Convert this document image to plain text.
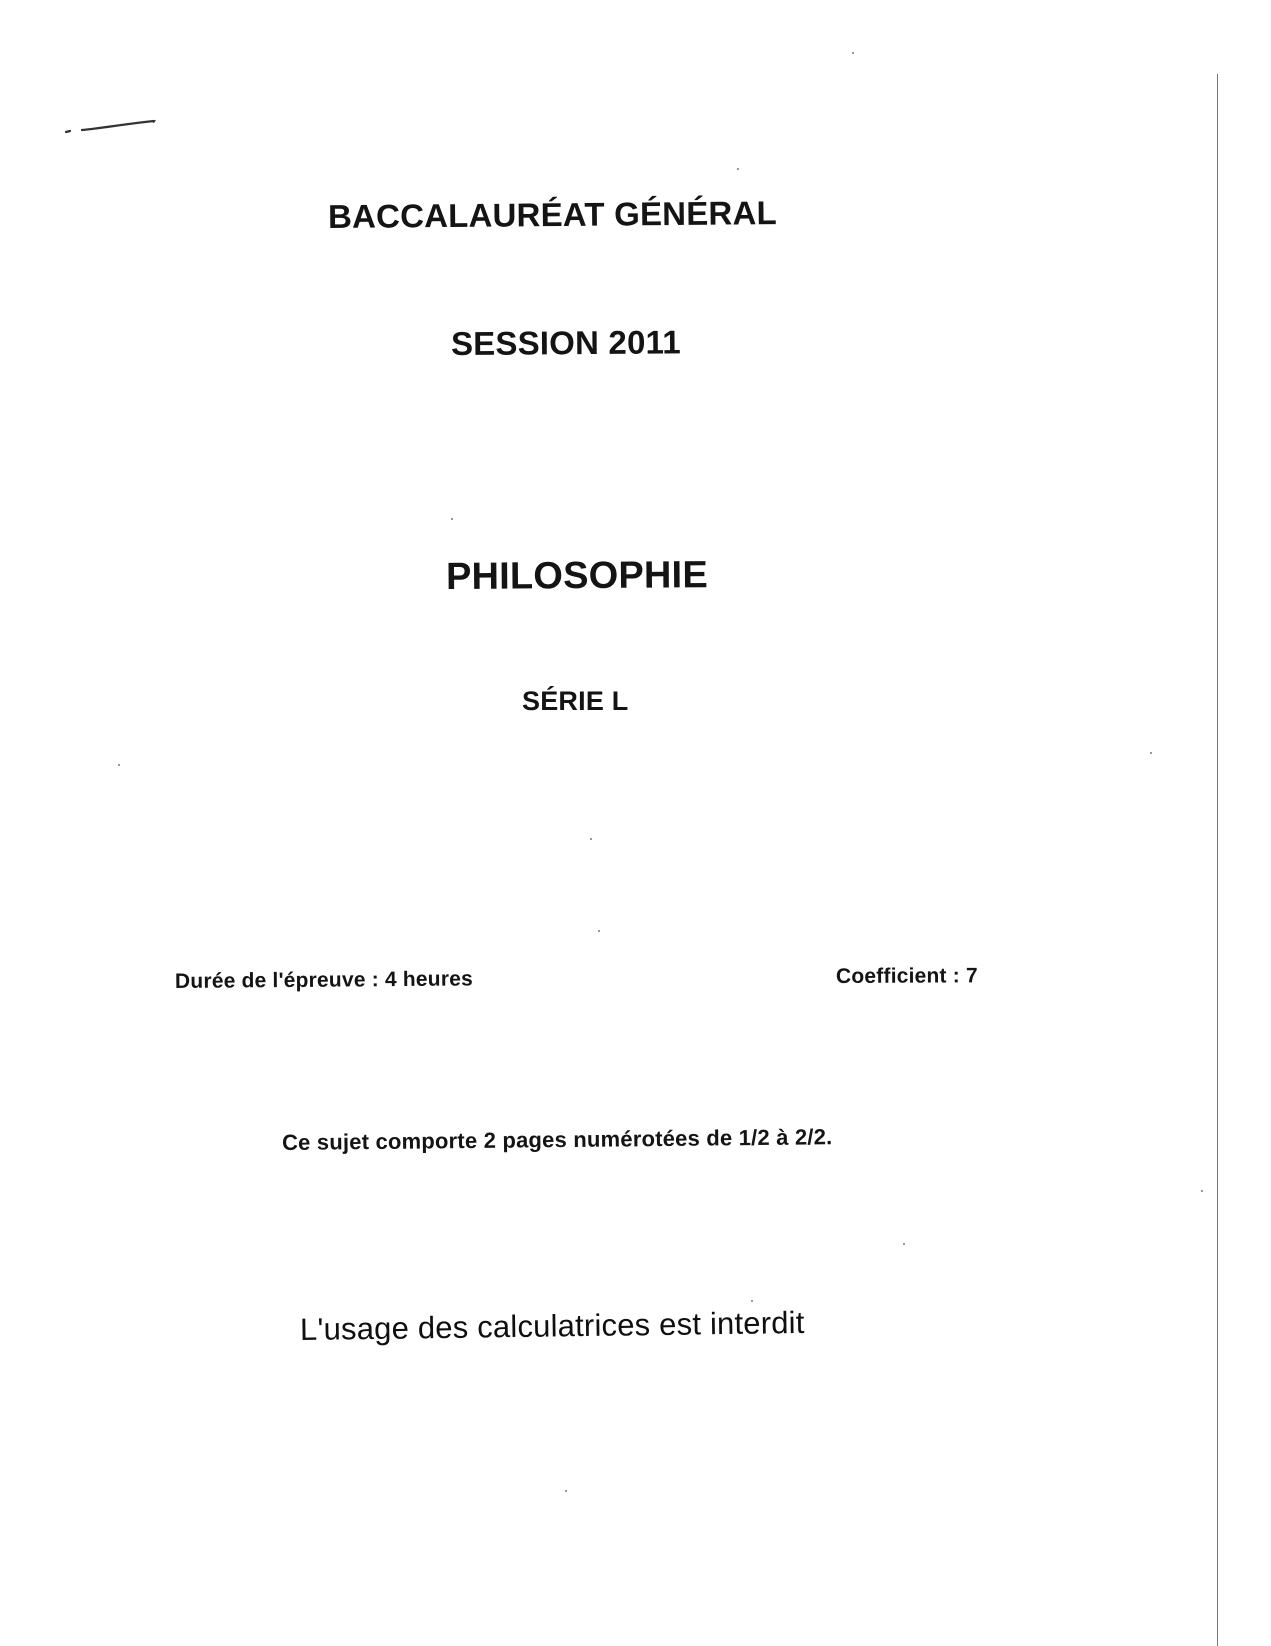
BACCALAURÉAT GÉNÉRAL
SESSION 2011
PHILOSOPHIE
SÉRIE L
Durée de l'épreuve : 4 heures	Coefficient : 7
Ce sujet comporte 2 pages numérotées de 1/2 à 2/2.
L'usage des calculatrices est interdit
